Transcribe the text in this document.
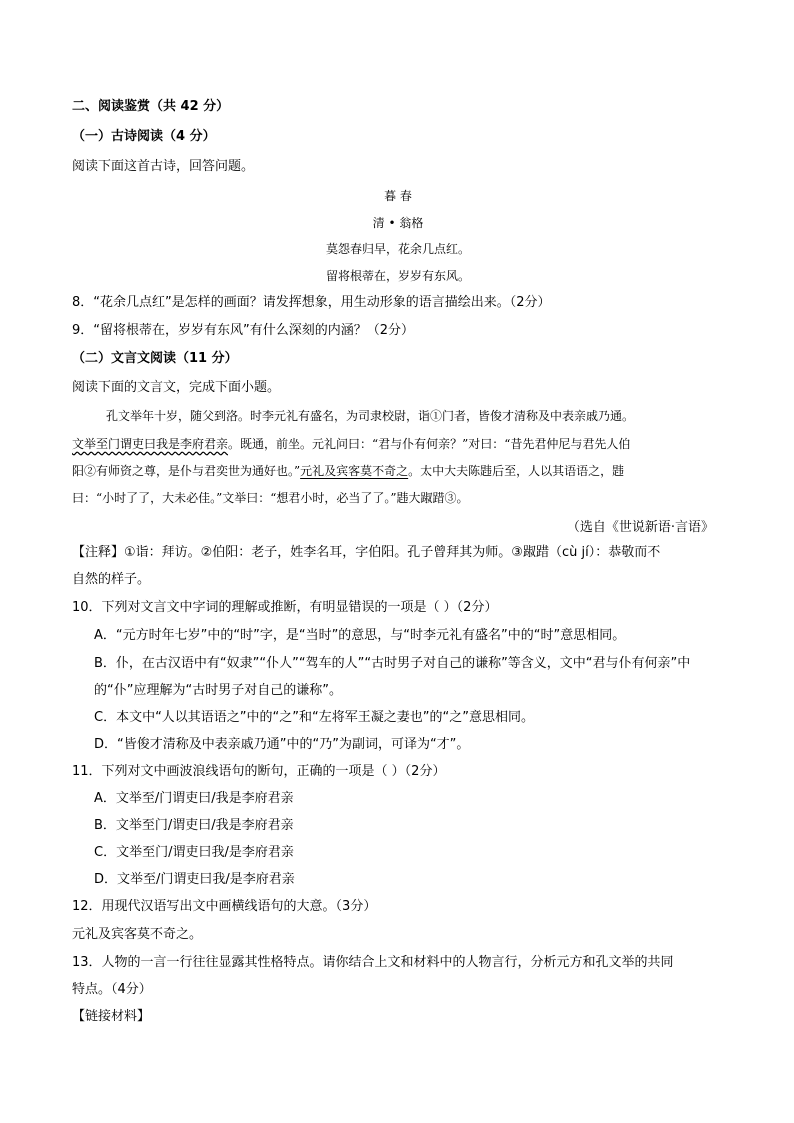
二、阅读鉴赏（共 42 分）
（一）古诗阅读（4 分）
阅读下面这首古诗，回答问题。
暮 春
清 • 翁格
莫怨春归早，花余几点红。
留将根蒂在，岁岁有东风。
8．“花余几点红”是怎样的画面？请发挥想象，用生动形象的语言描绘出来。（2分）
9．“留将根蒂在，岁岁有东风”有什么深刻的内涵？（2分）
（二）文言文阅读（11 分）
阅读下面的文言文，完成下面小题。
孔文举年十岁，随父到洛。时李元礼有盛名，为司隶校尉，诣①门者，皆俊才清称及中表亲戚乃通。
文举至门谓吏曰我是李府君亲。既通，前坐。元礼问曰：“君与仆有何亲？”对曰：“昔先君仲尼与君先人伯
阳②有师资之尊，是仆与君奕世为通好也。”元礼及宾客莫不奇之。太中大夫陈韪后至，人以其语语之，韪
曰：“小时了了，大未必佳。”文举曰：“想君小时，必当了了。”韪大踧踖③。
（选自《世说新语·言语》
【注释】①诣：拜访。②伯阳：老子，姓李名耳，字伯阳。孔子曾拜其为师。③踧踖（cù jí）：恭敬而不
自然的样子。
10．下列对文言文中字词的理解或推断，有明显错误的一项是（ ）（2分）
A．“元方时年七岁”中的“时”字，是“当时”的意思，与“时李元礼有盛名”中的“时”意思相同。
B．仆，在古汉语中有“奴隶”“仆人”“驾车的人”“古时男子对自己的谦称”等含义，文中“君与仆有何亲”中
的“仆”应理解为“古时男子对自己的谦称”。
C．本文中“人以其语语之”中的“之”和“左将军王凝之妻也”的“之”意思相同。
D．“皆俊才清称及中表亲戚乃通”中的“乃”为副词，可译为“才”。
11．下列对文中画波浪线语句的断句，正确的一项是（ ）（2分）
A．文举至/门谓吏曰/我是李府君亲
B．文举至门/谓吏曰/我是李府君亲
C．文举至门/谓吏曰我/是李府君亲
D．文举至/门谓吏曰我/是李府君亲
12．用现代汉语写出文中画横线语句的大意。（3分）
元礼及宾客莫不奇之。
13．人物的一言一行往往显露其性格特点。请你结合上文和材料中的人物言行，分析元方和孔文举的共同
特点。（4分）
【链接材料】
